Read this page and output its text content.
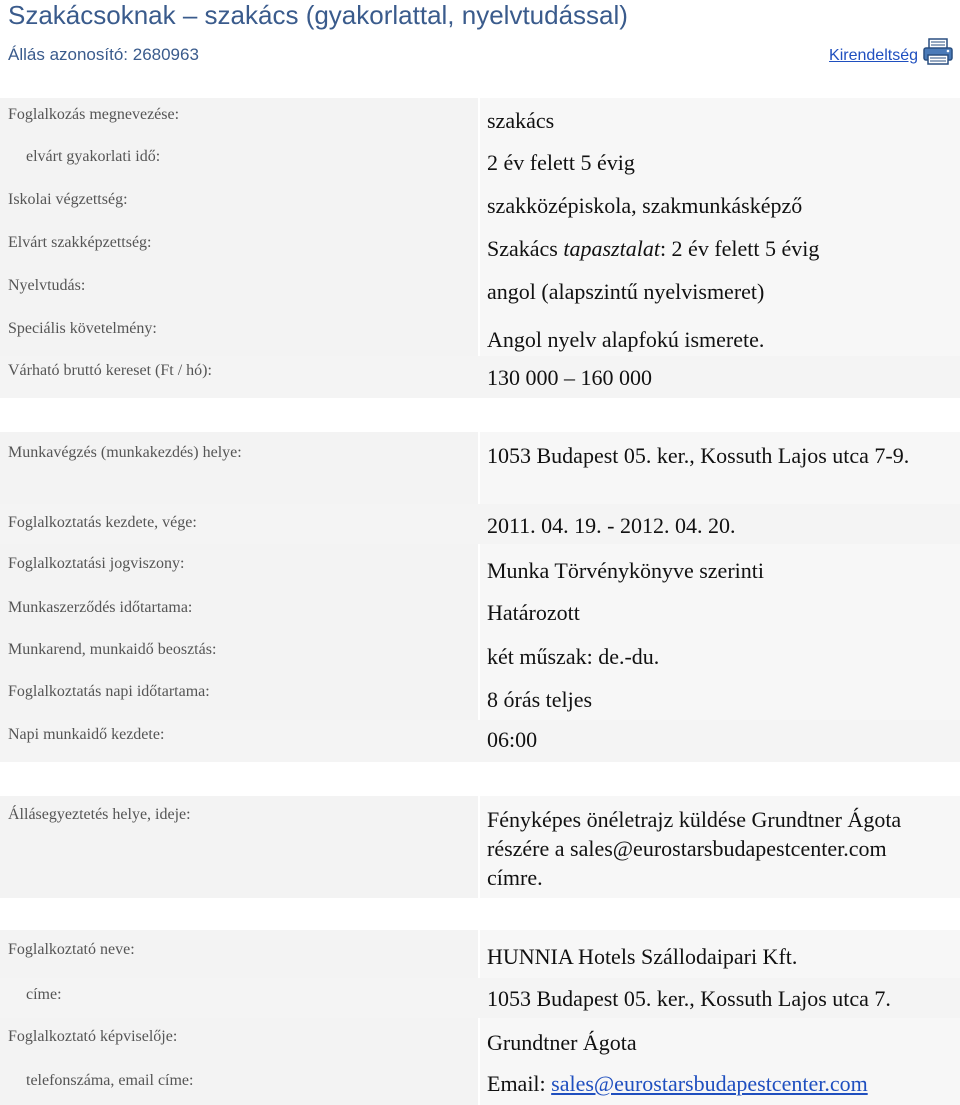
Szakácsoknak – szakács (gyakorlattal, nyelvtudással)
Állás azonosító: 2680963	Kirendeltség
Foglalkozás megnevezése:	szakács
elvárt gyakorlati idő:	2 év felett 5 évig
Iskolai végzettség:	szakközépiskola, szakmunkásképző
Elvárt szakképzettség:	Szakács tapasztalat: 2 év felett 5 évig
Nyelvtudás:	angol (alapszintű nyelvismeret)
Speciális követelmény:	Angol nyelv alapfokú ismerete.
Várható bruttó kereset (Ft / hó):	130 000 – 160 000
Munkavégzés (munkakezdés) helye:	1053 Budapest 05. ker., Kossuth Lajos utca 7-9.
Foglalkoztatás kezdete, vége:	2011. 04. 19. - 2012. 04. 20.
Foglalkoztatási jogviszony:	Munka Törvénykönyve szerinti
Munkaszerződés időtartama:	Határozott
Munkarend, munkaidő beosztás:	két műszak: de.-du.
Foglalkoztatás napi időtartama:	8 órás teljes
Napi munkaidő kezdete:	06:00
Állásegyeztetés helye, ideje:	Fényképes önéletrajz küldése Grundtner Ágota részére a sales@eurostarsbudapestcenter.com címre.
Foglalkoztató neve:	HUNNIA Hotels Szállodaipari Kft.
címe:	1053 Budapest 05. ker., Kossuth Lajos utca 7.
Foglalkoztató képviselője:	Grundtner Ágota
telefonszáma, email címe:	Email: sales@eurostarsbudapestcenter.com
